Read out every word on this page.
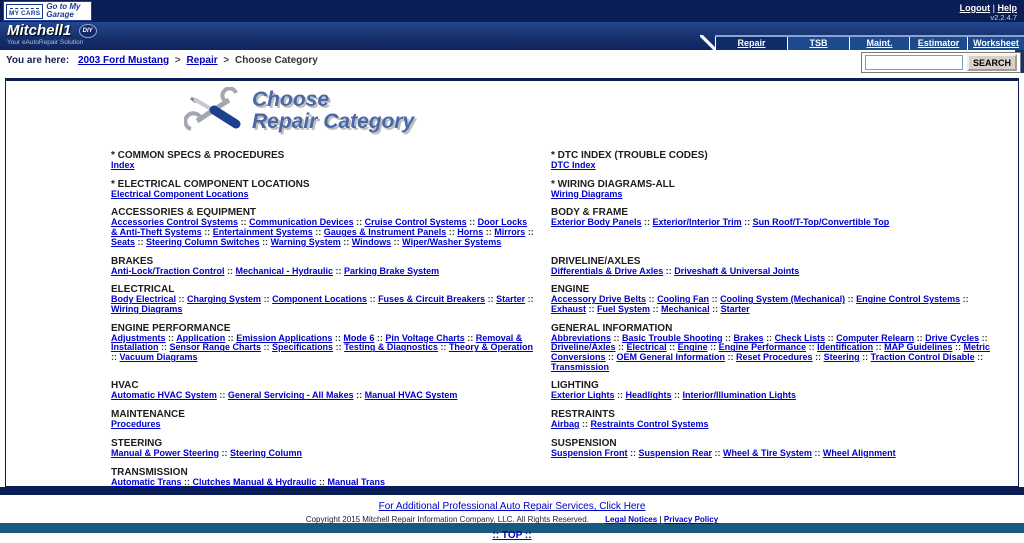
MY CARS
Go to My Garage
Logout | Help
v2.2.4.7
Mitchell1 DIY
Your eAutoRepair Solution	Repair	TSB	Maint.	Estimator	Worksheet
You are here: 2003 Ford Mustang > Repair > Choose Category	SEARCH
Choose
Repair Category
* COMMON SPECS & PROCEDURES
Index
* DTC INDEX (TROUBLE CODES)
DTC Index
* ELECTRICAL COMPONENT LOCATIONS
Electrical Component Locations
* WIRING DIAGRAMS-ALL
Wiring Diagrams
ACCESSORIES & EQUIPMENT
Accessories Control Systems :: Communication Devices :: Cruise Control Systems :: Door Locks & Anti-Theft Systems :: Entertainment Systems :: Gauges & Instrument Panels :: Horns :: Mirrors :: Seats :: Steering Column Switches :: Warning System :: Windows :: Wiper/Washer Systems
BODY & FRAME
Exterior Body Panels :: Exterior/Interior Trim :: Sun Roof/T-Top/Convertible Top
BRAKES
Anti-Lock/Traction Control :: Mechanical - Hydraulic :: Parking Brake System
DRIVELINE/AXLES
Differentials & Drive Axles :: Driveshaft & Universal Joints
ELECTRICAL
Body Electrical :: Charging System :: Component Locations :: Fuses & Circuit Breakers :: Starter :: Wiring Diagrams
ENGINE
Accessory Drive Belts :: Cooling Fan :: Cooling System (Mechanical) :: Engine Control Systems :: Exhaust :: Fuel System :: Mechanical :: Starter
ENGINE PERFORMANCE
Adjustments :: Application :: Emission Applications :: Mode 6 :: Pin Voltage Charts :: Removal & Installation :: Sensor Range Charts :: Specifications :: Testing & Diagnostics :: Theory & Operation :: Vacuum Diagrams
GENERAL INFORMATION
Abbreviations :: Basic Trouble Shooting :: Brakes :: Check Lists :: Computer Relearn :: Drive Cycles :: Driveline/Axles :: Electrical :: Engine :: Engine Performance :: Identification :: MAP Guidelines :: Metric Conversions :: OEM General Information :: Reset Procedures :: Steering :: Traction Control Disable :: Transmission
HVAC
Automatic HVAC System :: General Servicing - All Makes :: Manual HVAC System
LIGHTING
Exterior Lights :: Headlights :: Interior/Illumination Lights
MAINTENANCE
Procedures
RESTRAINTS
Airbag :: Restraints Control Systems
STEERING
Manual & Power Steering :: Steering Column
SUSPENSION
Suspension Front :: Suspension Rear :: Wheel & Tire System :: Wheel Alignment
TRANSMISSION
Automatic Trans :: Clutches Manual & Hydraulic :: Manual Trans
For Additional Professional Auto Repair Services, Click Here
Copyright 2015 Mitchell Repair Information Company, LLC. All Rights Reserved. Legal Notices | Privacy Policy
:: TOP ::
